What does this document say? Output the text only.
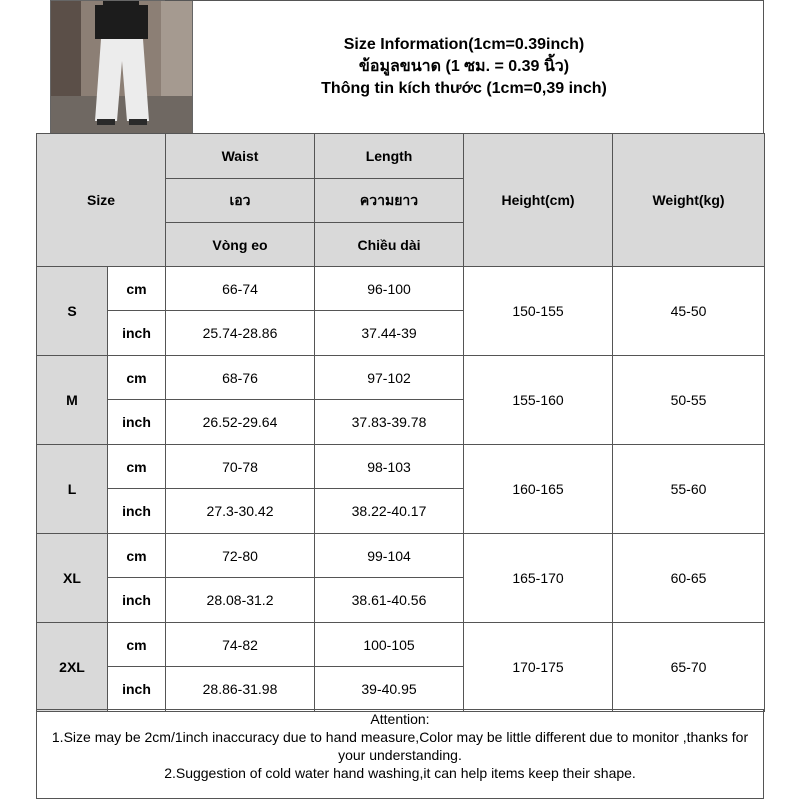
Size Information(1cm=0.39inch)
ข้อมูลขนาด (1 ซม. = 0.39 นิ้ว)
Thông tin kích thước (1cm=0,39 inch)
Size		Waist	Length	Height(cm)	Weight(kg)
		เอว	ความยาว		
		Vòng eo	Chiều dài		
S	cm	66-74	96-100	150-155	45-50
	inch	25.74-28.86	37.44-39		
M	cm	68-76	97-102	155-160	50-55
	inch	26.52-29.64	37.83-39.78		
L	cm	70-78	98-103	160-165	55-60
	inch	27.3-30.42	38.22-40.17		
XL	cm	72-80	99-104	165-170	60-65
	inch	28.08-31.2	38.61-40.56		
2XL	cm	74-82	100-105	170-175	65-70
	inch	28.86-31.98	39-40.95		

Attention:

1.Size may be 2cm/1inch inaccuracy due to hand measure,Color may be little different due to monitor ,thanks for your understanding.

2.Suggestion of cold water hand washing,it can help items keep their shape.
